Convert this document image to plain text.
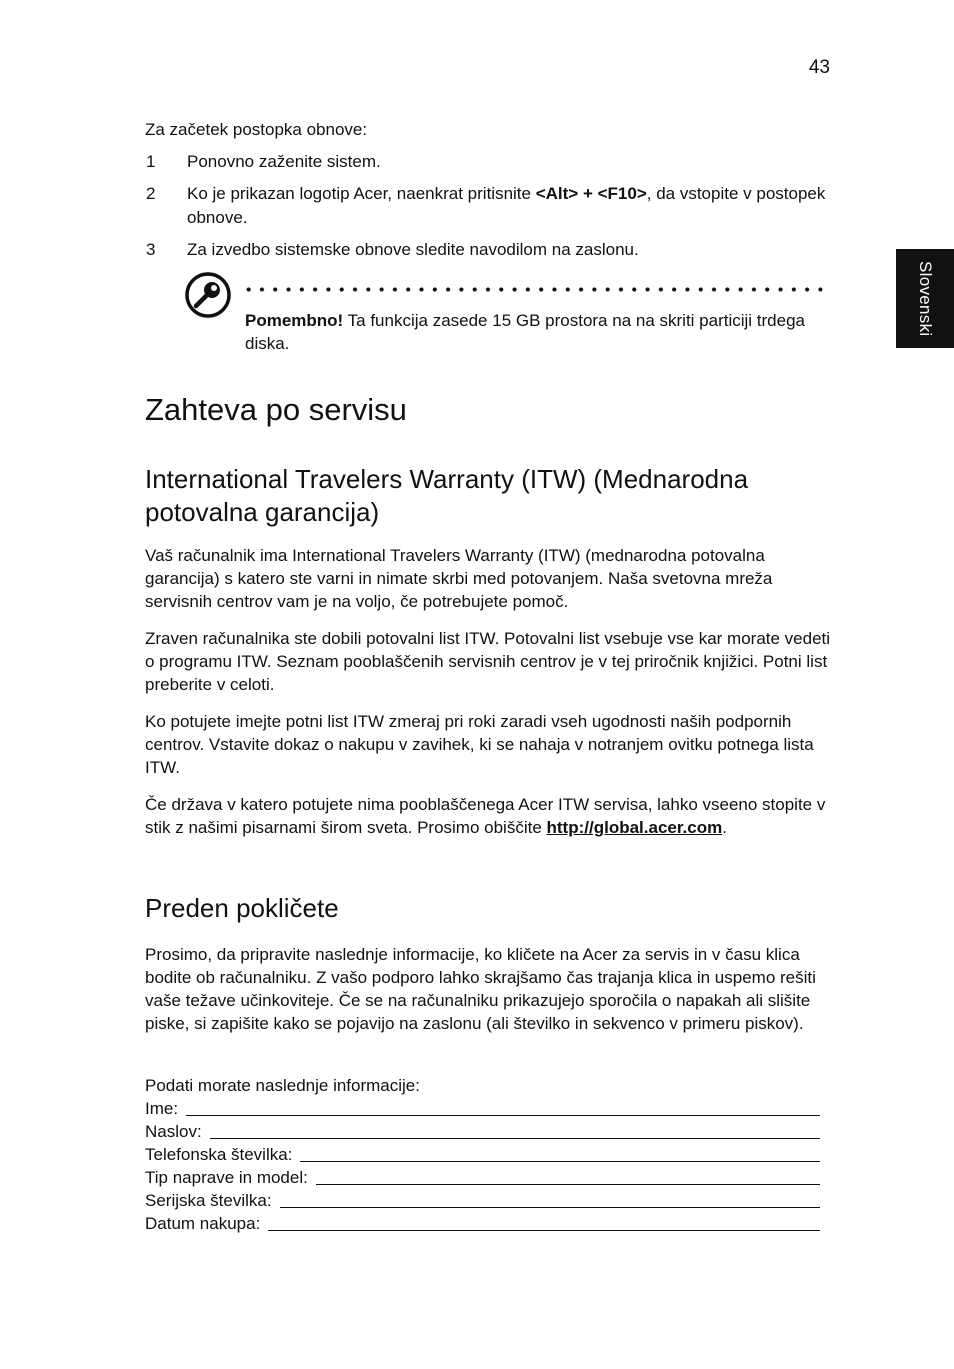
43
Slovenski
Za začetek postopka obnove:
1 Ponovno zaženite sistem.
2 Ko je prikazan logotip Acer, naenkrat pritisnite <Alt> + <F10>, da vstopite v postopek obnove.
3 Za izvedbo sistemske obnove sledite navodilom na zaslonu.
Pomembno! Ta funkcija zasede 15 GB prostora na na skriti particiji trdega diska.
Zahteva po servisu
International Travelers Warranty (ITW) (Mednarodna potovalna garancija)

Vaš računalnik ima International Travelers Warranty (ITW) (mednarodna potovalna garancija) s katero ste varni in nimate skrbi med potovanjem. Naša svetovna mreža servisnih centrov vam je na voljo, če potrebujete pomoč.

Zraven računalnika ste dobili potovalni list ITW. Potovalni list vsebuje vse kar morate vedeti o programu ITW. Seznam pooblaščenih servisnih centrov je v tej priročnik knjižici. Potni list preberite v celoti.

Ko potujete imejte potni list ITW zmeraj pri roki zaradi vseh ugodnosti naših podpornih centrov. Vstavite dokaz o nakupu v zavihek, ki se nahaja v notranjem ovitku potnega lista ITW.

Če država v katero potujete nima pooblaščenega Acer ITW servisa, lahko vseeno stopite v stik z našimi pisarnami širom sveta. Prosimo obiščite http://global.acer.com.

Preden pokličete

Prosimo, da pripravite naslednje informacije, ko kličete na Acer za servis in v času klica bodite ob računalniku. Z vašo podporo lahko skrajšamo čas trajanja klica in uspemo rešiti vaše težave učinkoviteje. Če se na računalniku prikazujejo sporočila o napakah ali slišite piske, si zapišite kako se pojavijo na zaslonu (ali številko in sekvenco v primeru piskov).

Podati morate naslednje informacije:
Ime:
Naslov:
Telefonska številka:
Tip naprave in model:
Serijska številka:
Datum nakupa:
